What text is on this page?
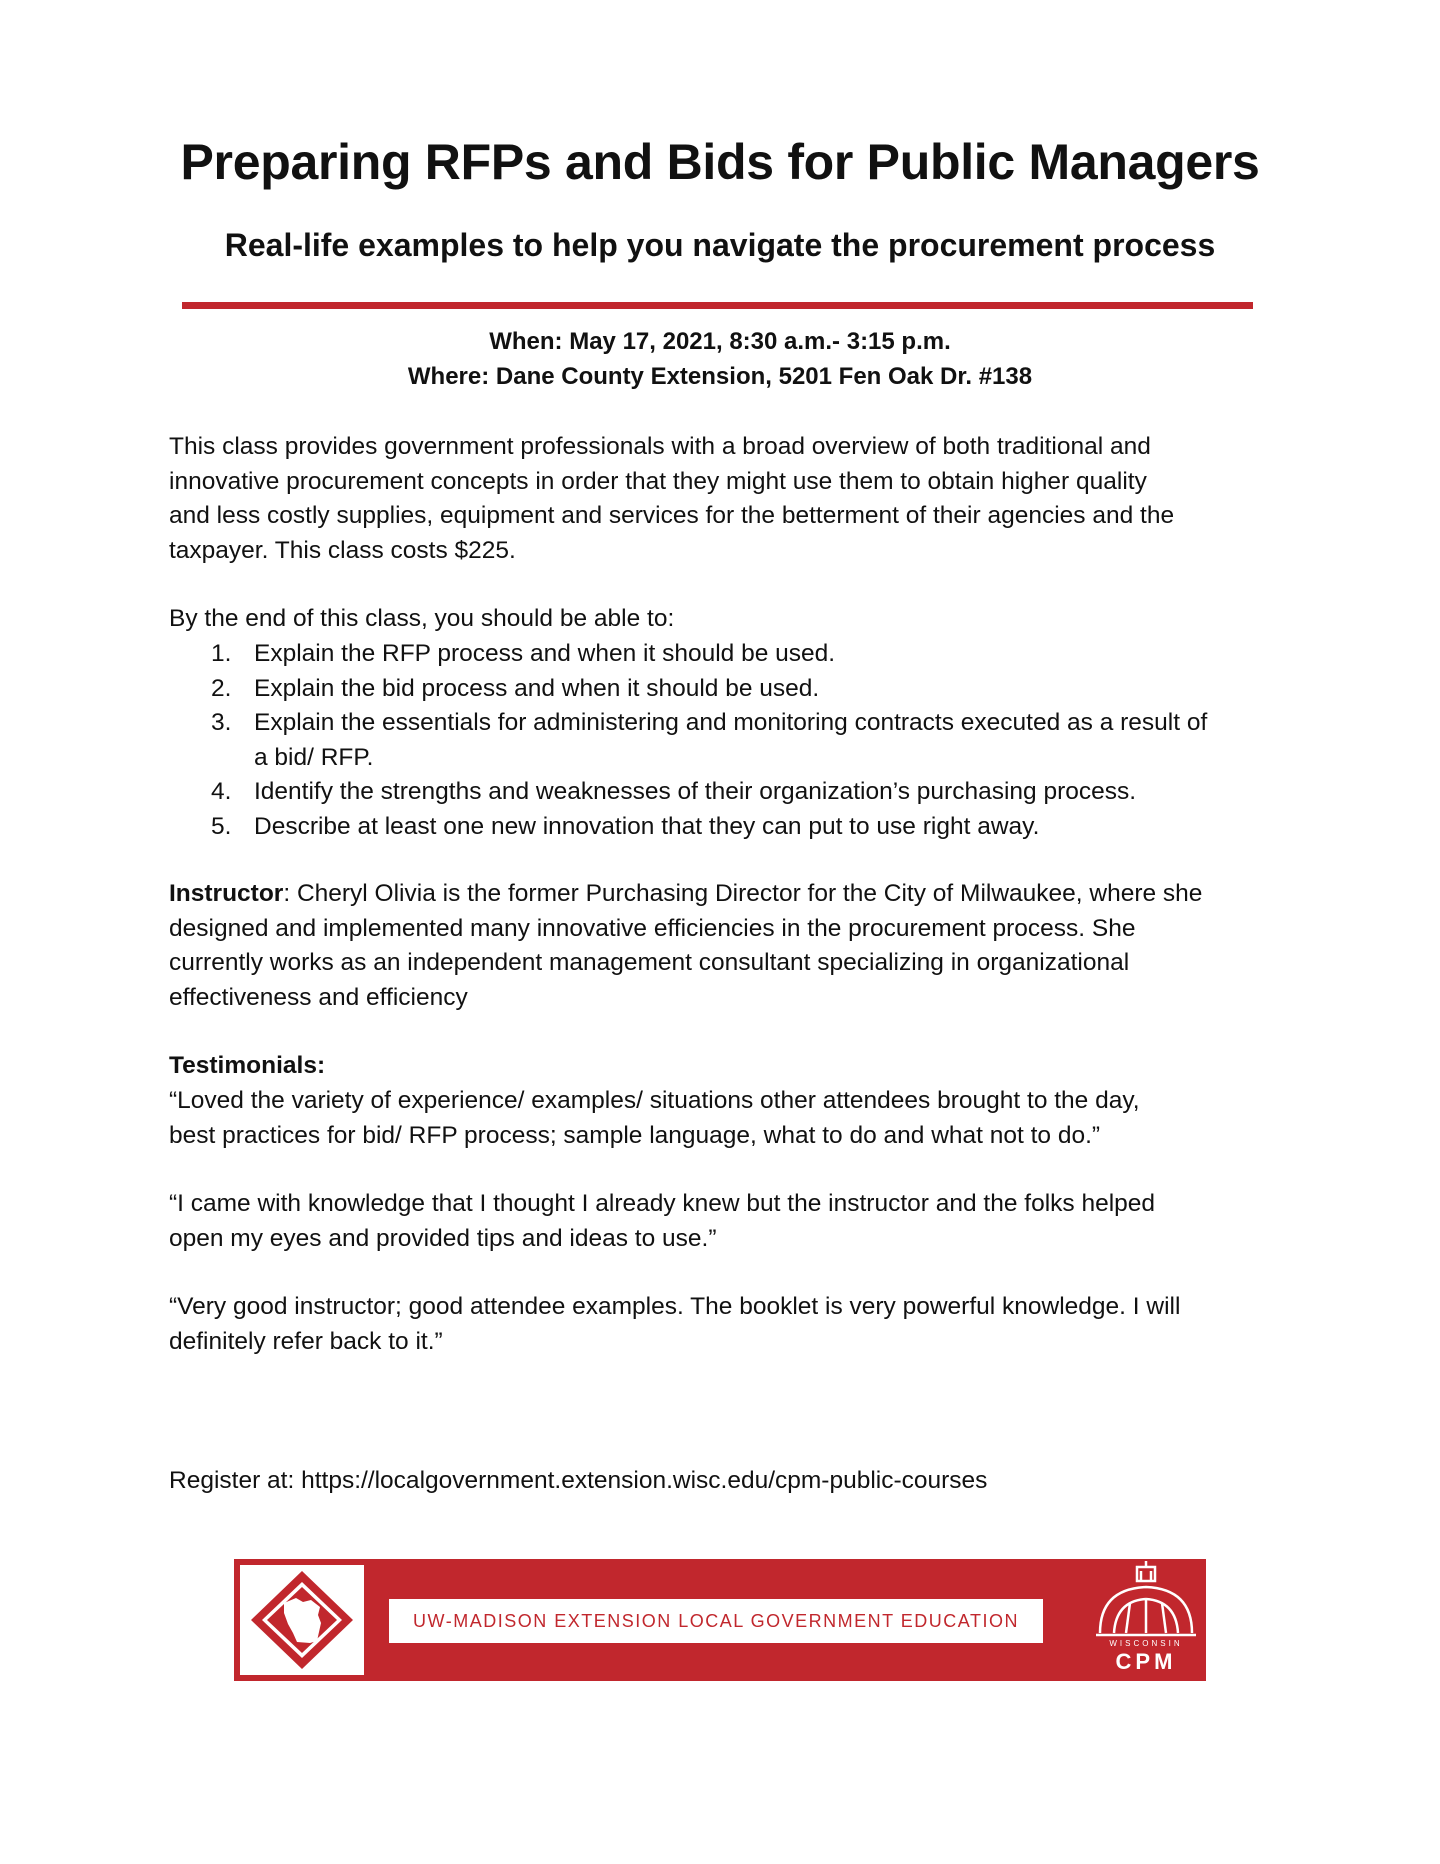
Preparing RFPs and Bids for Public Managers
Real-life examples to help you navigate the procurement process
When: May 17, 2021, 8:30 a.m.- 3:15 p.m.
Where: Dane County Extension, 5201 Fen Oak Dr. #138
This class provides government professionals with a broad overview of both traditional and
innovative procurement concepts in order that they might use them to obtain higher quality
and less costly supplies, equipment and services for the betterment of their agencies and the
taxpayer. This class costs $225.
By the end of this class, you should be able to:
1. Explain the RFP process and when it should be used.
2. Explain the bid process and when it should be used.
3. Explain the essentials for administering and monitoring contracts executed as a result of
a bid/ RFP.
4. Identify the strengths and weaknesses of their organization’s purchasing process.
5. Describe at least one new innovation that they can put to use right away.
Instructor: Cheryl Olivia is the former Purchasing Director for the City of Milwaukee, where she
designed and implemented many innovative efficiencies in the procurement process. She
currently works as an independent management consultant specializing in organizational
effectiveness and efficiency
Testimonials:
“Loved the variety of experience/ examples/ situations other attendees brought to the day,
best practices for bid/ RFP process; sample language, what to do and what not to do.”
“I came with knowledge that I thought I already knew but the instructor and the folks helped
open my eyes and provided tips and ideas to use.”
“Very good instructor; good attendee examples. The booklet is very powerful knowledge. I will
definitely refer back to it.”
Register at: https://localgovernment.extension.wisc.edu/cpm-public-courses
UW-MADISON EXTENSION LOCAL GOVERNMENT EDUCATION
WISCONSIN
CPM
